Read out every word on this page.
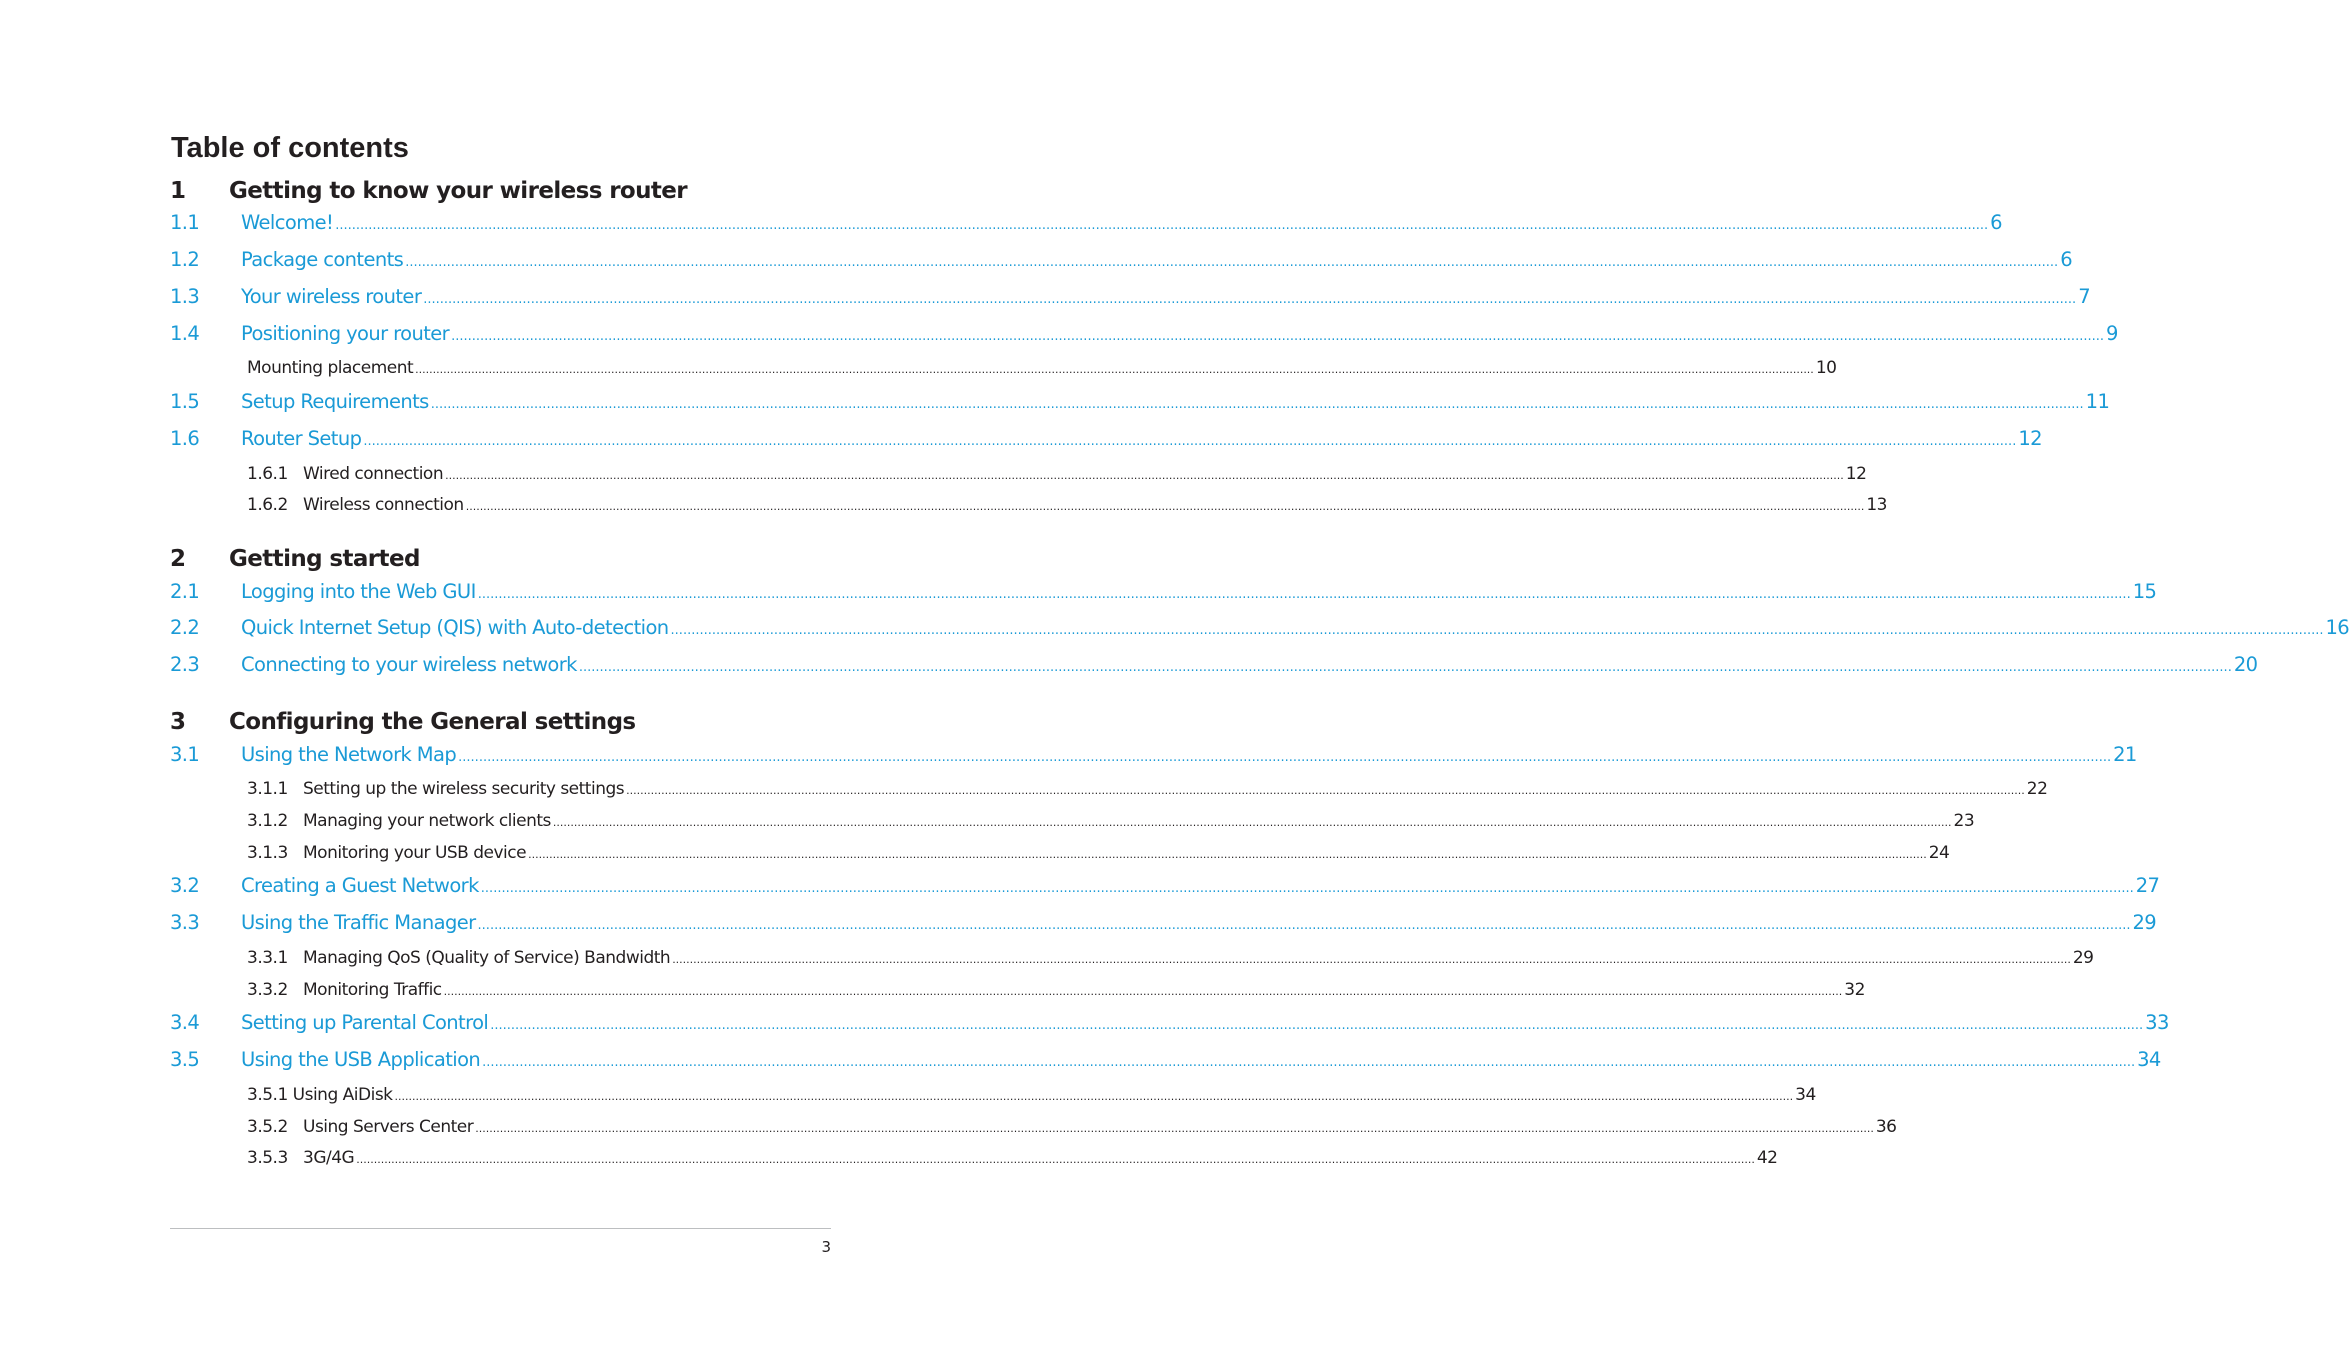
Table of contents
1	Getting to know your wireless router
1.1	Welcome! ................................................................................................................................................................................................................................................................................................................................................................................................................ 6
1.2	Package contents ................................................................................................................................................................................................................................................................................................................................................................................................................ 6
1.3	Your wireless router ................................................................................................................................................................................................................................................................................................................................................................................................................ 7
1.4	Positioning your router ................................................................................................................................................................................................................................................................................................................................................................................................................ 9
Mounting placement ................................................................................................................................................................................................................................................................................................................................................................................................................ 10
1.5	Setup Requirements ................................................................................................................................................................................................................................................................................................................................................................................................................ 11
1.6	Router Setup ................................................................................................................................................................................................................................................................................................................................................................................................................ 12
1.6.1 Wired connection ................................................................................................................................................................................................................................................................................................................................................................................................................ 12
1.6.2 Wireless connection ................................................................................................................................................................................................................................................................................................................................................................................................................ 13
2	Getting started
2.1	Logging into the Web GUI ................................................................................................................................................................................................................................................................................................................................................................................................................ 15
2.2	Quick Internet Setup (QIS) with Auto-detection ................................................................................................................................................................................................................................................................................................................................................................................................................ 16
2.3	Connecting to your wireless network ................................................................................................................................................................................................................................................................................................................................................................................................................ 20
3	Configuring the General settings
3.1	Using the Network Map ................................................................................................................................................................................................................................................................................................................................................................................................................ 21
3.1.1 Setting up the wireless security settings ................................................................................................................................................................................................................................................................................................................................................................................................................ 22
3.1.2 Managing your network clients ................................................................................................................................................................................................................................................................................................................................................................................................................ 23
3.1.3 Monitoring your USB device ................................................................................................................................................................................................................................................................................................................................................................................................................ 24
3.2	Creating a Guest Network ................................................................................................................................................................................................................................................................................................................................................................................................................ 27
3.3	Using the Traffic Manager ................................................................................................................................................................................................................................................................................................................................................................................................................ 29
3.3.1 Managing QoS (Quality of Service) Bandwidth ................................................................................................................................................................................................................................................................................................................................................................................................................ 29
3.3.2 Monitoring Traffic ................................................................................................................................................................................................................................................................................................................................................................................................................ 32
3.4	Setting up Parental Control ................................................................................................................................................................................................................................................................................................................................................................................................................ 33
3.5	Using the USB Application ................................................................................................................................................................................................................................................................................................................................................................................................................ 34
3.5.1 Using AiDisk ................................................................................................................................................................................................................................................................................................................................................................................................................ 34
3.5.2 Using Servers Center ................................................................................................................................................................................................................................................................................................................................................................................................................ 36
3.5.3 3G/4G ................................................................................................................................................................................................................................................................................................................................................................................................................ 42
3
